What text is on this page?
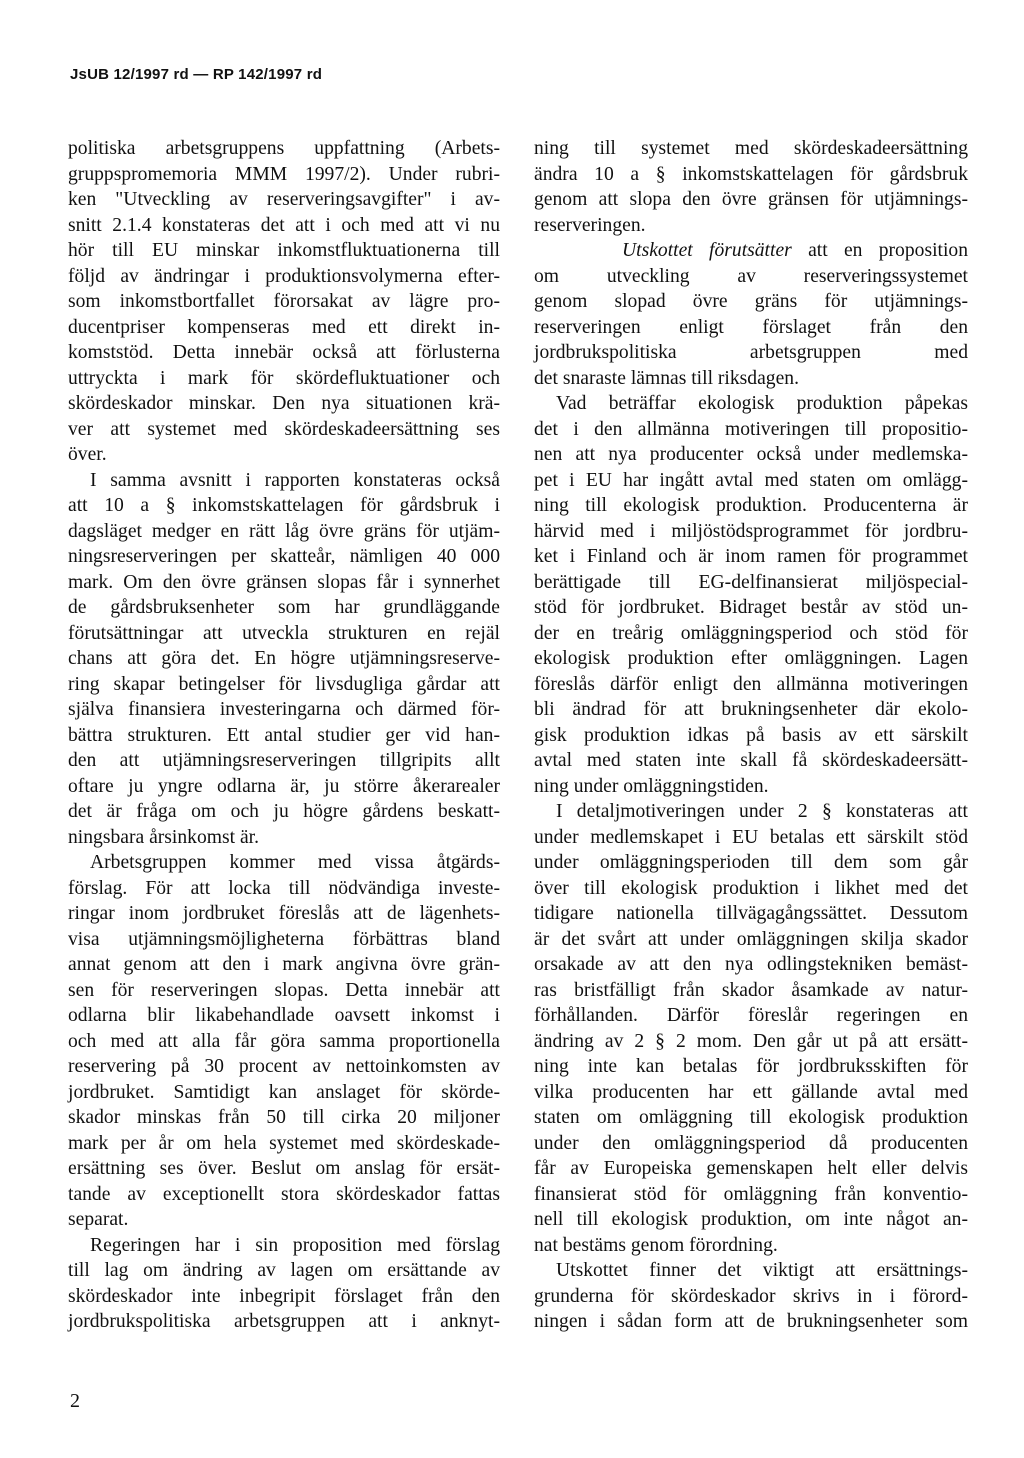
JsUB 12/1997 rd — RP 142/1997 rd
politiska arbetsgruppens uppfattning (Arbets-
gruppspromemoria MMM 1997/2). Under rubri-
ken "Utveckling av reserveringsavgifter" i av-
snitt 2.1.4 konstateras det att i och med att vi nu
hör till EU minskar inkomstfluktuationerna till
följd av ändringar i produktionsvolymerna efter-
som inkomstbortfallet förorsakat av lägre pro-
ducentpriser kompenseras med ett direkt in-
komststöd. Detta innebär också att förlusterna
uttryckta i mark för skördefluktuationer och
skördeskador minskar. Den nya situationen krä-
ver att systemet med skördeskadeersättning ses
över.
I samma avsnitt i rapporten konstateras också
att 10 a § inkomstskattelagen för gårdsbruk i
dagsläget medger en rätt låg övre gräns för utjäm-
ningsreserveringen per skatteår, nämligen 40 000
mark. Om den övre gränsen slopas får i synnerhet
de gårdsbruksenheter som har grundläggande
förutsättningar att utveckla strukturen en rejäl
chans att göra det. En högre utjämningsreserve-
ring skapar betingelser för livsdugliga gårdar att
själva finansiera investeringarna och därmed för-
bättra strukturen. Ett antal studier ger vid han-
den att utjämningsreserveringen tillgripits allt
oftare ju yngre odlarna är, ju större åkerarealer
det är fråga om och ju högre gårdens beskatt-
ningsbara årsinkomst är.
Arbetsgruppen kommer med vissa åtgärds-
förslag. För att locka till nödvändiga investe-
ringar inom jordbruket föreslås att de lägenhets-
visa utjämningsmöjligheterna förbättras bland
annat genom att den i mark angivna övre grän-
sen för reserveringen slopas. Detta innebär att
odlarna blir likabehandlade oavsett inkomst i
och med att alla får göra samma proportionella
reservering på 30 procent av nettoinkomsten av
jordbruket. Samtidigt kan anslaget för skörde-
skador minskas från 50 till cirka 20 miljoner
mark per år om hela systemet med skördeskade-
ersättning ses över. Beslut om anslag för ersät-
tande av exceptionellt stora skördeskador fattas
separat.
Regeringen har i sin proposition med förslag
till lag om ändring av lagen om ersättande av
skördeskador inte inbegripit förslaget från den
jordbrukspolitiska arbetsgruppen att i anknyt-
ning till systemet med skördeskadeersättning
ändra 10 a § inkomstskattelagen för gårdsbruk
genom att slopa den övre gränsen för utjämnings-
reserveringen.
Utskottet förutsätter att en proposition
om utveckling av reserveringssystemet
genom slopad övre gräns för utjämnings-
reserveringen enligt förslaget från den
jordbrukspolitiska arbetsgruppen med
det snaraste lämnas till riksdagen.
Vad beträffar ekologisk produktion påpekas
det i den allmänna motiveringen till propositio-
nen att nya producenter också under medlemska-
pet i EU har ingått avtal med staten om omlägg-
ning till ekologisk produktion. Producenterna är
härvid med i miljöstödsprogrammet för jordbru-
ket i Finland och är inom ramen för programmet
berättigade till EG-delfinansierat miljöspecial-
stöd för jordbruket. Bidraget består av stöd un-
der en treårig omläggningsperiod och stöd för
ekologisk produktion efter omläggningen. Lagen
föreslås därför enligt den allmänna motiveringen
bli ändrad för att brukningsenheter där ekolo-
gisk produktion idkas på basis av ett särskilt
avtal med staten inte skall få skördeskadeersätt-
ning under omläggningstiden.
I detaljmotiveringen under 2 § konstateras att
under medlemskapet i EU betalas ett särskilt stöd
under omläggningsperioden till dem som går
över till ekologisk produktion i likhet med det
tidigare nationella tillvägagångssättet. Dessutom
är det svårt att under omläggningen skilja skador
orsakade av att den nya odlingstekniken bemäst-
ras bristfälligt från skador åsamkade av natur-
förhållanden. Därför föreslår regeringen en
ändring av 2 § 2 mom. Den går ut på att ersätt-
ning inte kan betalas för jordbruksskiften för
vilka producenten har ett gällande avtal med
staten om omläggning till ekologisk produktion
under den omläggningsperiod då producenten
får av Europeiska gemenskapen helt eller delvis
finansierat stöd för omläggning från konventio-
nell till ekologisk produktion, om inte något an-
nat bestäms genom förordning.
Utskottet finner det viktigt att ersättnings-
grunderna för skördeskador skrivs in i förord-
ningen i sådan form att de brukningsenheter som
2
